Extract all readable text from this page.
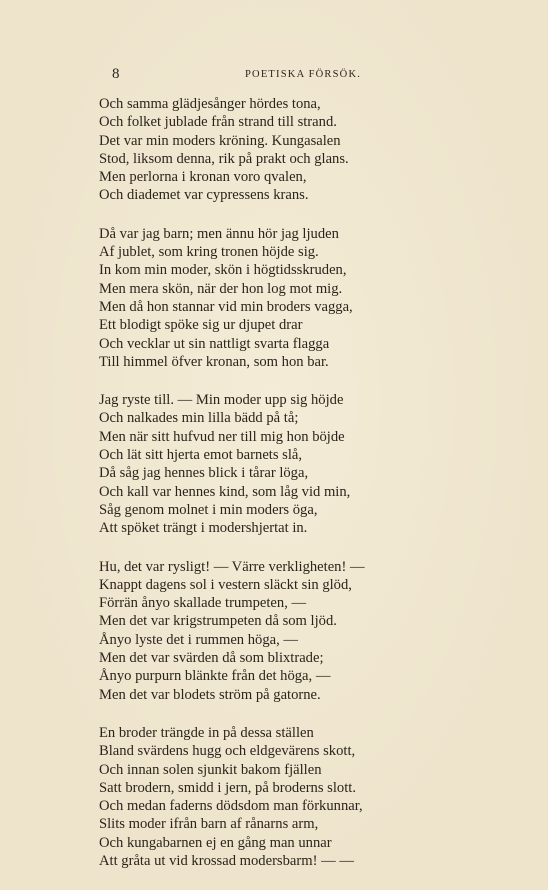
8	POETISKA FÖRSÖK.
Och samma glädjesånger hördes tona,
Och folket jublade från strand till strand.
Det var min moders kröning. Kungasalen
Stod, liksom denna, rik på prakt och glans.
Men perlorna i kronan voro qvalen,
Och diademet var cypressens krans.
Då var jag barn; men ännu hör jag ljuden
Af jublet, som kring tronen höjde sig.
In kom min moder, skön i högtidsskruden,
Men mera skön, när der hon log mot mig.
Men då hon stannar vid min broders vagga,
Ett blodigt spöke sig ur djupet drar
Och vecklar ut sin nattligt svarta flagga
Till himmel öfver kronan, som hon bar.
Jag ryste till. — Min moder upp sig höjde
Och nalkades min lilla bädd på tå;
Men när sitt hufvud ner till mig hon böjde
Och lät sitt hjerta emot barnets slå,
Då såg jag hennes blick i tårar löga,
Och kall var hennes kind, som låg vid min,
Såg genom molnet i min moders öga,
Att spöket trängt i modershjertat in.
Hu, det var rysligt! — Värre verkligheten! —
Knappt dagens sol i vestern släckt sin glöd,
Förrän ånyo skallade trumpeten, —
Men det var krigstrumpeten då som ljöd.
Ånyo lyste det i rummen höga, —
Men det var svärden då som blixtrade;
Ånyo purpurn blänkte från det höga, —
Men det var blodets ström på gatorne.
En broder trängde in på dessa ställen
Bland svärdens hugg och eldgevärens skott,
Och innan solen sjunkit bakom fjällen
Satt brodern, smidd i jern, på broderns slott.
Och medan faderns dödsdom man förkunnar,
Slits moder ifrån barn af rånarns arm,
Och kungabarnen ej en gång man unnar
Att gråta ut vid krossad modersbarm! — —
